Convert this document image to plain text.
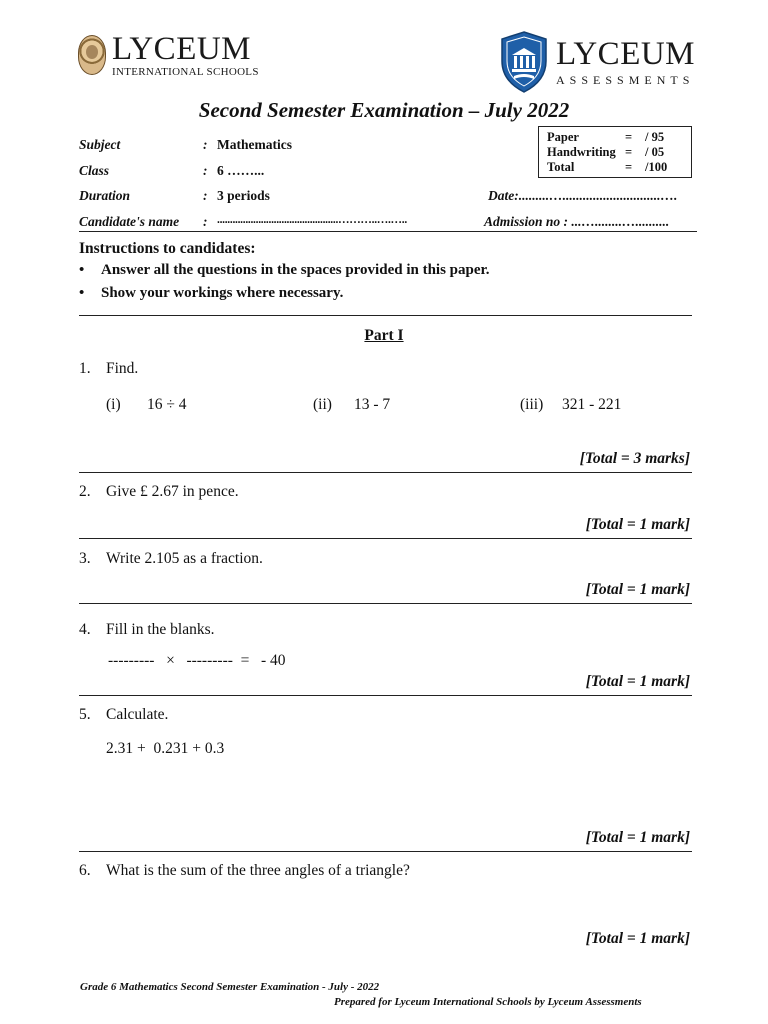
LYCEUM
INTERNATIONAL SCHOOLS	LYCEUM
ASSESSMENTS
Second Semester Examination – July 2022
Subject	: Mathematics
Class	: 6 ……...
Duration	: 3 periods	Date:.........….............................….
Candidate's name : ...............................................………..….…..	Admission no : ...…........…..........
Paper	=	/ 95
Handwriting =	/ 05
Total	=	/100
Instructions to candidates:
•	Answer all the questions in the spaces provided in this paper.
•	Show your workings where necessary.
Part I
1. Find.
(i) 16 ÷ 4	(ii) 13 - 7	(iii) 321 - 221
[Total = 3 marks]
2. Give £ 2.67 in pence.
[Total = 1 mark]
3. Write 2.105 as a fraction.
[Total = 1 mark]
4. Fill in the blanks.
---------   ×   ---------  =   - 40
[Total = 1 mark]
5. Calculate.
2.31 +  0.231 + 0.3
[Total = 1 mark]
6. What is the sum of the three angles of a triangle?
[Total = 1 mark]
Grade 6 Mathematics Second Semester Examination - July - 2022
Prepared for Lyceum International Schools by Lyceum Assessments
